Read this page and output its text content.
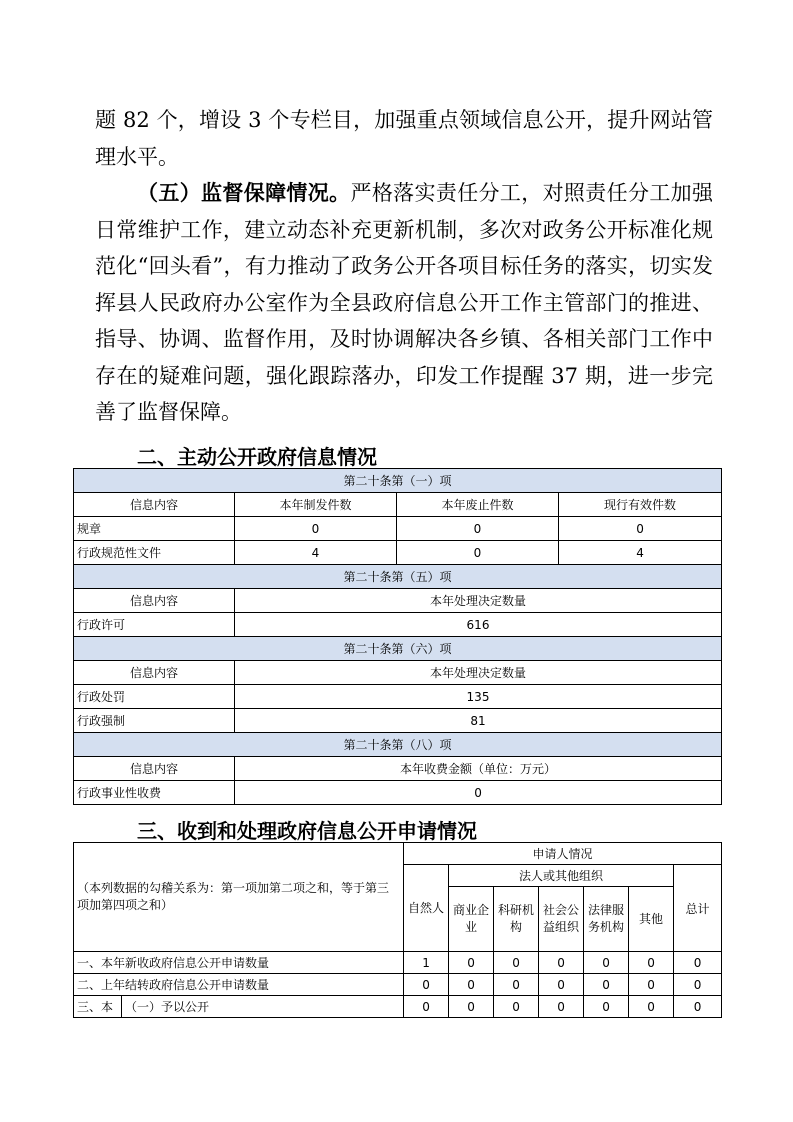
题 82 个，增设 3 个专栏目，加强重点领域信息公开，提升网站管理水平。

（五）监督保障情况。严格落实责任分工，对照责任分工加强日常维护工作，建立动态补充更新机制，多次对政务公开标准化规范化“回头看”，有力推动了政务公开各项目标任务的落实，切实发挥县人民政府办公室作为全县政府信息公开工作主管部门的推进、指导、协调、监督作用，及时协调解决各乡镇、各相关部门工作中存在的疑难问题，强化跟踪落办，印发工作提醒 37 期，进一步完善了监督保障。

二、主动公开政府信息情况
第二十条第（一）项			
信息内容	本年制发件数	本年废止件数	现行有效件数
规章	0	0	0
行政规范性文件	4	0	4
第二十条第（五）项			
信息内容	本年处理决定数量		
行政许可	616		
第二十条第（六）项			
信息内容	本年处理决定数量		
行政处罚	135		
行政强制	81		
第二十条第（八）项			
信息内容	本年收费金额（单位：万元）		
行政事业性收费	0		
三、收到和处理政府信息公开申请情况
（本列数据的勾稽关系为：第一项加第二项之和，等于第三项加第四项之和）		申请人情况						
		自然人	法人或其他组织					总计
			商业企业	科研机构	社会公益组织	法律服务机构	其他	
一、本年新收政府信息公开申请数量		1	0	0	0	0	0	0
二、上年结转政府信息公开申请数量		0	0	0	0	0	0	0
三、本	（一）予以公开	0	0	0	0	0	0	0
